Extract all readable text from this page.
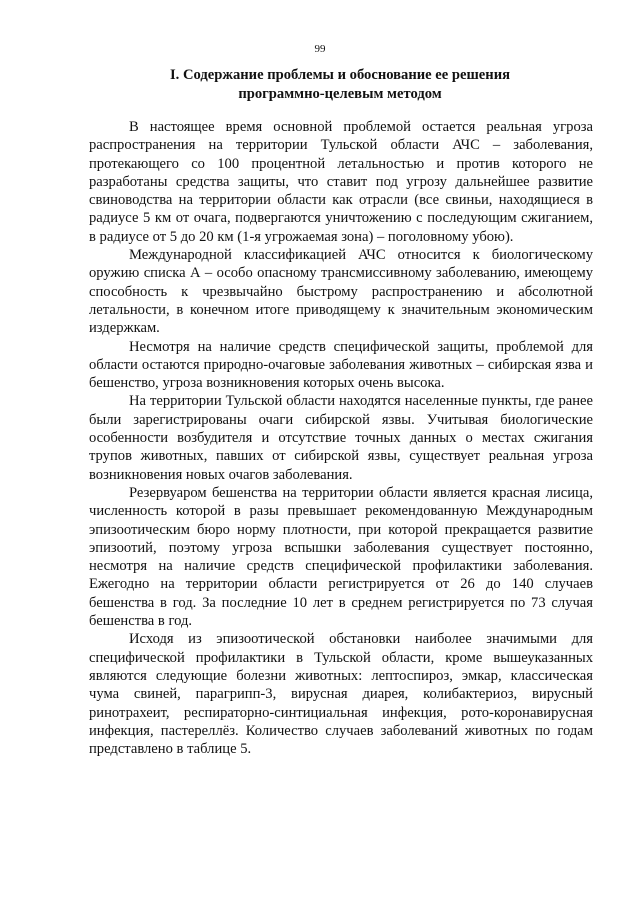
99
I. Содержание проблемы и обоснование ее решения
программно-целевым методом

В настоящее время основной проблемой остается реальная угроза распространения на территории Тульской области АЧС – заболевания, протекающего со 100 процентной летальностью и против которого не разработаны средства защиты, что ставит под угрозу дальнейшее развитие свиноводства на территории области как отрасли (все свиньи, находящиеся в радиусе 5 км от очага, подвергаются уничтожению с последующим сжиганием, в радиусе от 5 до 20 км (1-я угрожаемая зона) – поголовному убою).

Международной классификацией АЧС относится к биологическому оружию списка А – особо опасному трансмиссивному заболеванию, имеющему способность к чрезвычайно быстрому распространению и абсолютной летальности, в конечном итоге приводящему к значительным экономическим издержкам.

Несмотря на наличие средств специфической защиты, проблемой для области остаются природно-очаговые заболевания животных – сибирская язва и бешенство, угроза возникновения которых очень высока.

На территории Тульской области находятся населенные пункты, где ранее были зарегистрированы очаги сибирской язвы. Учитывая биологические особенности возбудителя и отсутствие точных данных о местах сжигания трупов животных, павших от сибирской язвы, существует реальная угроза возникновения новых очагов заболевания.

Резервуаром бешенства на территории области является красная лисица, численность которой в разы превышает рекомендованную Международным эпизоотическим бюро норму плотности, при которой прекращается развитие эпизоотий, поэтому угроза вспышки заболевания существует постоянно, несмотря на наличие средств специфической профилактики заболевания. Ежегодно на территории области регистрируется от 26 до 140 случаев бешенства в год. За последние 10 лет в среднем регистрируется по 73 случая бешенства в год.

Исходя из эпизоотической обстановки наиболее значимыми для специфической профилактики в Тульской области, кроме вышеуказанных являются следующие болезни животных: лептоспироз, эмкар, классическая чума свиней, парагрипп-3, вирусная диарея, колибактериоз, вирусный ринотрахеит, респираторно-синтициальная инфекция, рото-коронавирусная инфекция, пастереллёз. Количество случаев заболеваний животных по годам представлено в таблице 5.
